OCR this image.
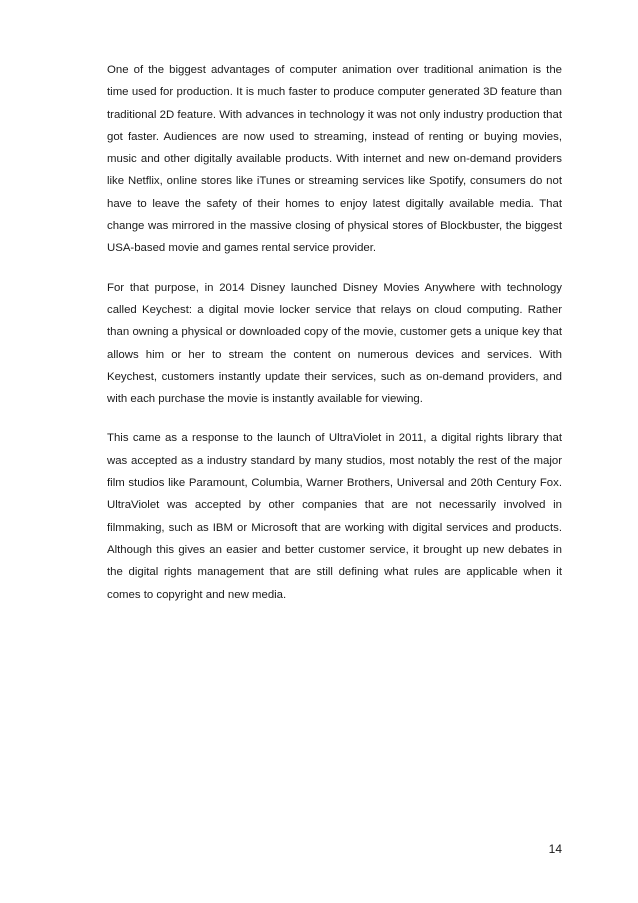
One of the biggest advantages of computer animation over traditional animation is the time used for production. It is much faster to produce computer generated 3D feature than traditional 2D feature. With advances in technology it was not only industry production that got faster. Audiences are now used to streaming, instead of renting or buying movies, music and other digitally available products. With internet and new on-demand providers like Netflix, online stores like iTunes or streaming services like Spotify, consumers do not have to leave the safety of their homes to enjoy latest digitally available media. That change was mirrored in the massive closing of physical stores of Blockbuster, the biggest USA-based movie and games rental service provider.

For that purpose, in 2014 Disney launched Disney Movies Anywhere with technology called Keychest: a digital movie locker service that relays on cloud computing. Rather than owning a physical or downloaded copy of the movie, customer gets a unique key that allows him or her to stream the content on numerous devices and services. With Keychest, customers instantly update their services, such as on-demand providers, and with each purchase the movie is instantly available for viewing.

This came as a response to the launch of UltraViolet in 2011, a digital rights library that was accepted as a industry standard by many studios, most notably the rest of the major film studios like Paramount, Columbia, Warner Brothers, Universal and 20th Century Fox. UltraViolet was accepted by other companies that are not necessarily involved in filmmaking, such as IBM or Microsoft that are working with digital services and products. Although this gives an easier and better customer service, it brought up new debates in the digital rights management that are still defining what rules are applicable when it comes to copyright and new media.

14
